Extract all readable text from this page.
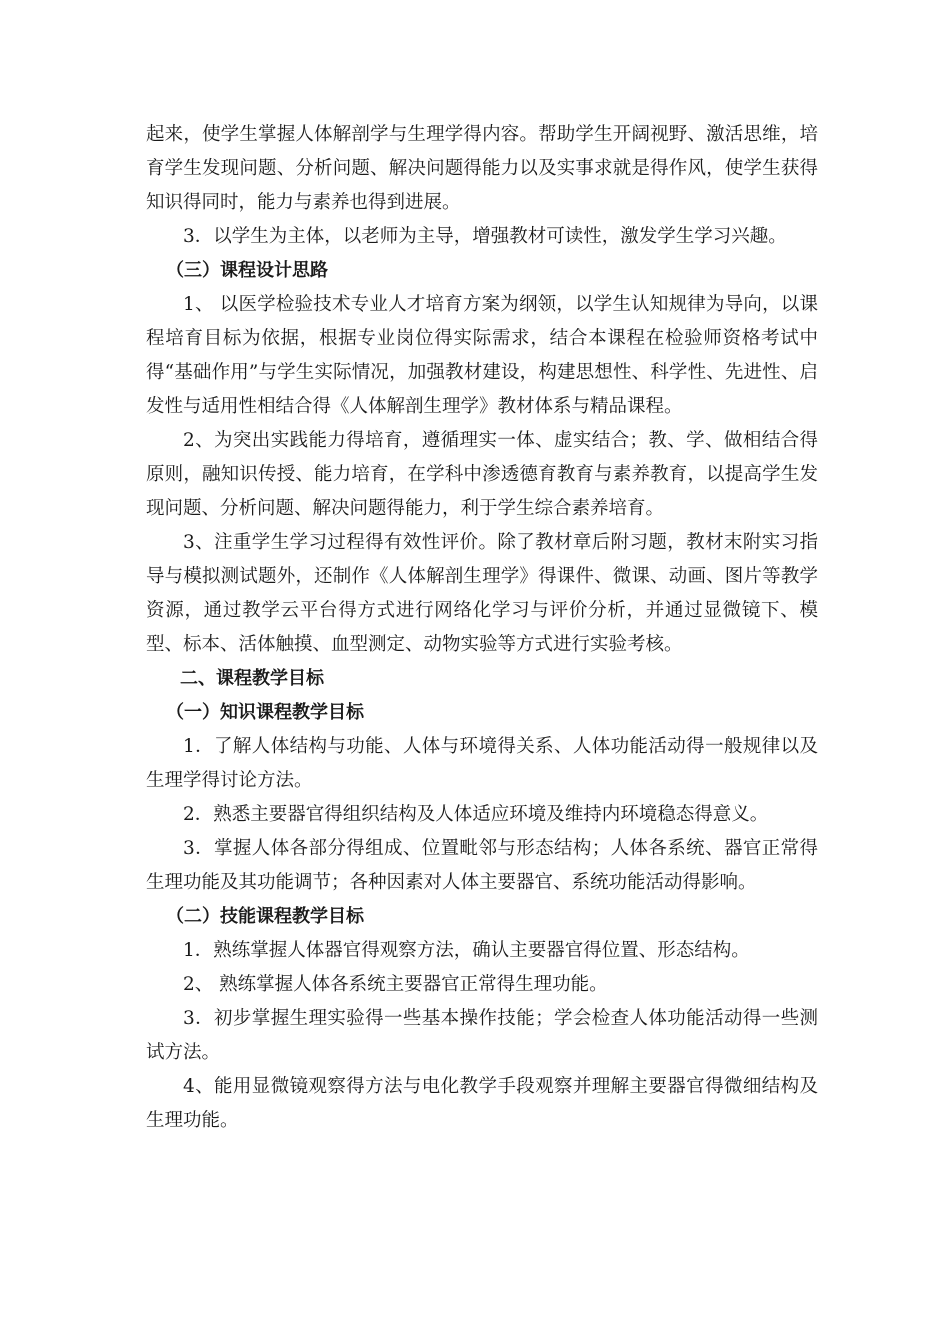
起来，使学生掌握人体解剖学与生理学得内容。帮助学生开阔视野、激活思维，培育学生发现问题、分析问题、解决问题得能力以及实事求就是得作风，使学生获得知识得同时，能力与素养也得到进展。

3．以学生为主体，以老师为主导，增强教材可读性，激发学生学习兴趣。

（三）课程设计思路

1、 以医学检验技术专业人才培育方案为纲领，以学生认知规律为导向，以课程培育目标为依据，根据专业岗位得实际需求，结合本课程在检验师资格考试中得“基础作用”与学生实际情况，加强教材建设，构建思想性、科学性、先进性、启发性与适用性相结合得《人体解剖生理学》教材体系与精品课程。

2、为突出实践能力得培育，遵循理实一体、虚实结合；教、学、做相结合得原则，融知识传授、能力培育，在学科中渗透德育教育与素养教育，以提高学生发现问题、分析问题、解决问题得能力，利于学生综合素养培育。

3、注重学生学习过程得有效性评价。除了教材章后附习题，教材末附实习指导与模拟测试题外，还制作《人体解剖生理学》得课件、微课、动画、图片等教学资源，通过教学云平台得方式进行网络化学习与评价分析，并通过显微镜下、模型、标本、活体触摸、血型测定、动物实验等方式进行实验考核。

二、课程教学目标
（一）知识课程教学目标

1．了解人体结构与功能、人体与环境得关系、人体功能活动得一般规律以及生理学得讨论方法。

2．熟悉主要器官得组织结构及人体适应环境及维持内环境稳态得意义。

3．掌握人体各部分得组成、位置毗邻与形态结构；人体各系统、器官正常得生理功能及其功能调节；各种因素对人体主要器官、系统功能活动得影响。

（二）技能课程教学目标

1．熟练掌握人体器官得观察方法，确认主要器官得位置、形态结构。

2、 熟练掌握人体各系统主要器官正常得生理功能。

3．初步掌握生理实验得一些基本操作技能；学会检查人体功能活动得一些测试方法。

4、能用显微镜观察得方法与电化教学手段观察并理解主要器官得微细结构及生理功能。
